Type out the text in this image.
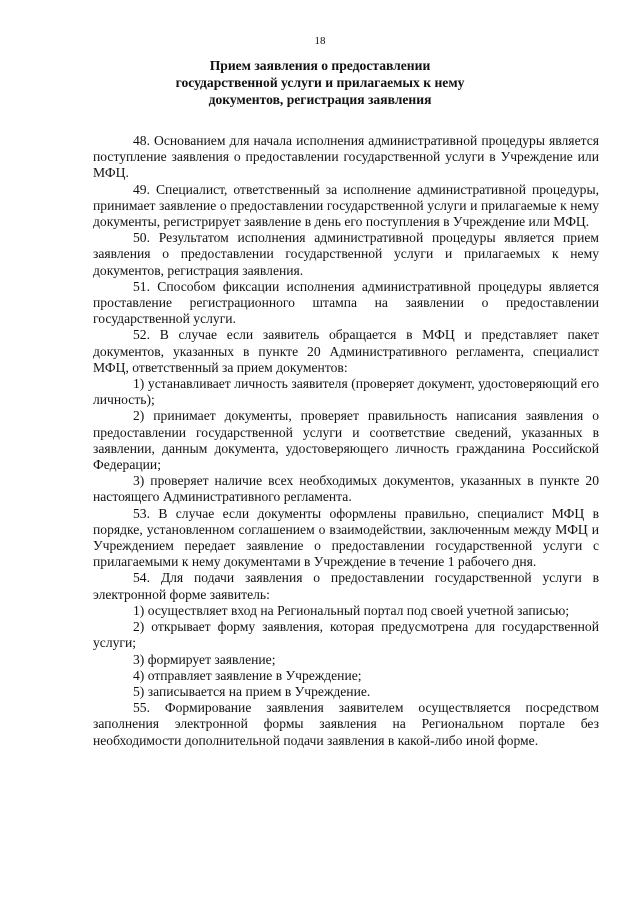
18
Прием заявления о предоставлении
государственной услуги и прилагаемых к нему
документов, регистрация заявления

48. Основанием для начала исполнения административной процедуры является поступление заявления о предоставлении государственной услуги в Учреждение или МФЦ.

49. Специалист, ответственный за исполнение административной процедуры, принимает заявление о предоставлении государственной услуги и прилагаемые к нему документы, регистрирует заявление в день его поступления в Учреждение или МФЦ.

50. Результатом исполнения административной процедуры является прием заявления о предоставлении государственной услуги и прилагаемых к нему документов, регистрация заявления.

51. Способом фиксации исполнения административной процедуры является проставление регистрационного штампа на заявлении о предоставлении государственной услуги.

52. В случае если заявитель обращается в МФЦ и представляет пакет документов, указанных в пункте 20 Административного регламента, специалист МФЦ, ответственный за прием документов:

1) устанавливает личность заявителя (проверяет документ, удостоверяющий его личность);

2) принимает документы, проверяет правильность написания заявления о предоставлении государственной услуги и соответствие сведений, указанных в заявлении, данным документа, удостоверяющего личность гражданина Российской Федерации;

3) проверяет наличие всех необходимых документов, указанных в пункте 20 настоящего Административного регламента.

53. В случае если документы оформлены правильно, специалист МФЦ в порядке, установленном соглашением о взаимодействии, заключенным между МФЦ и Учреждением передает заявление о предоставлении государственной услуги с прилагаемыми к нему документами в Учреждение в течение 1 рабочего дня.

54. Для подачи заявления о предоставлении государственной услуги в электронной форме заявитель:

1) осуществляет вход на Региональный портал под своей учетной записью;

2) открывает форму заявления, которая предусмотрена для государственной услуги;

3) формирует заявление;

4) отправляет заявление в Учреждение;

5) записывается на прием в Учреждение.

55. Формирование заявления заявителем осуществляется посредством заполнения электронной формы заявления на Региональном портале без необходимости дополнительной подачи заявления в какой-либо иной форме.
